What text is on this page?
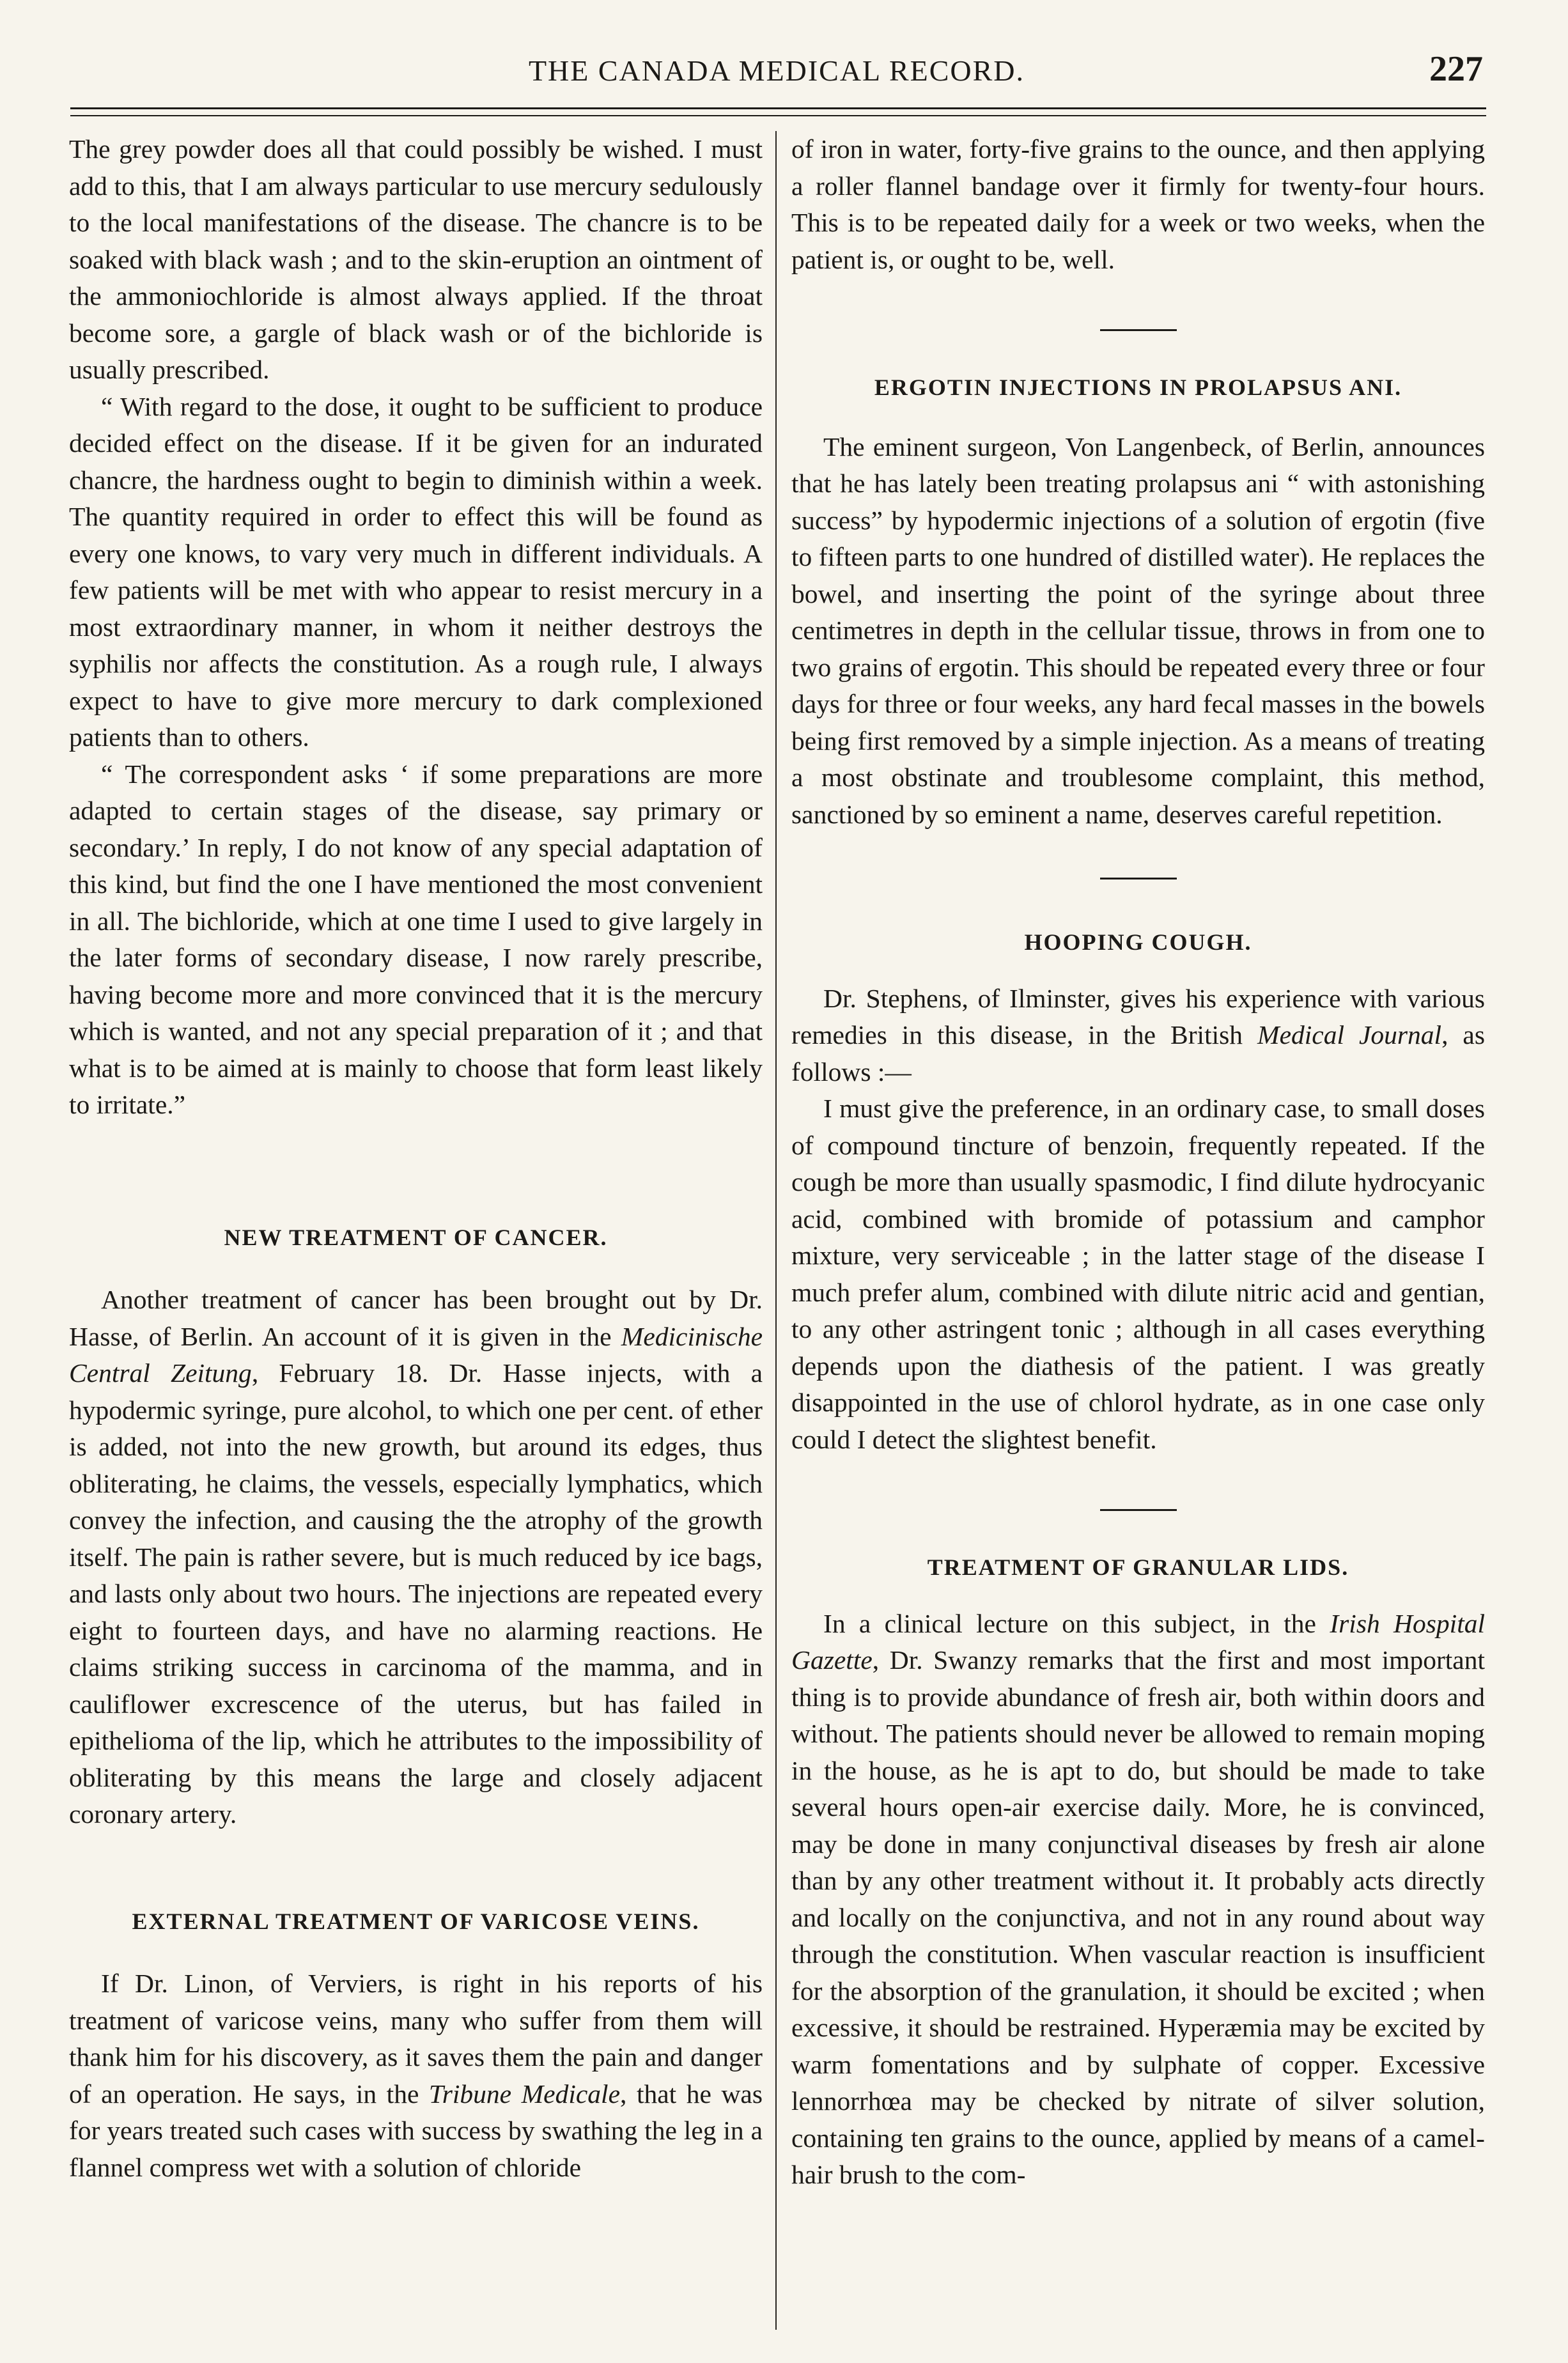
THE CANADA MEDICAL RECORD.	227

The grey powder does all that could possibly be wished. I must add to this, that I am always particular to use mercury sedulously to the local manifestations of the disease. The chancre is to be soaked with black wash ; and to the skin-eruption an ointment of the ammoniochloride is almost always applied. If the throat become sore, a gargle of black wash or of the bichloride is usually prescribed.

“ With regard to the dose, it ought to be sufficient to produce decided effect on the disease. If it be given for an indurated chancre, the hardness ought to begin to diminish within a week. The quantity required in order to effect this will be found as every one knows, to vary very much in different individuals. A few patients will be met with who appear to resist mercury in a most extraordinary manner, in whom it neither destroys the syphilis nor affects the constitution. As a rough rule, I always expect to have to give more mercury to dark complexioned patients than to others.

“ The correspondent asks ‘ if some preparations are more adapted to certain stages of the disease, say primary or secondary.’ In reply, I do not know of any special adaptation of this kind, but find the one I have mentioned the most convenient in all. The bichloride, which at one time I used to give largely in the later forms of secondary disease, I now rarely prescribe, having become more and more convinced that it is the mercury which is wanted, and not any special preparation of it ; and that what is to be aimed at is mainly to choose that form least likely to irritate.”

NEW TREATMENT OF CANCER.

Another treatment of cancer has been brought out by Dr. Hasse, of Berlin. An account of it is given in the Medicinische Central Zeitung, February 18. Dr. Hasse injects, with a hypodermic syringe, pure alcohol, to which one per cent. of ether is added, not into the new growth, but around its edges, thus obliterating, he claims, the vessels, especially lymphatics, which convey the infection, and causing the the atrophy of the growth itself. The pain is rather severe, but is much reduced by ice bags, and lasts only about two hours. The injections are repeated every eight to fourteen days, and have no alarming reactions. He claims striking success in carcinoma of the mamma, and in cauliflower excrescence of the uterus, but has failed in epithelioma of the lip, which he attributes to the impossibility of obliterating by this means the large and closely adjacent coronary artery.

EXTERNAL TREATMENT OF VARICOSE VEINS.

If Dr. Linon, of Verviers, is right in his reports of his treatment of varicose veins, many who suffer from them will thank him for his discovery, as it saves them the pain and danger of an operation. He says, in the Tribune Medicale, that he was for years treated such cases with success by swathing the leg in a flannel compress wet with a solution of chloride

of iron in water, forty-five grains to the ounce, and then applying a roller flannel bandage over it firmly for twenty-four hours. This is to be repeated daily for a week or two weeks, when the patient is, or ought to be, well.

ERGOTIN INJECTIONS IN PROLAPSUS ANI.

The eminent surgeon, Von Langenbeck, of Berlin, announces that he has lately been treating prolapsus ani “ with astonishing success” by hypodermic injections of a solution of ergotin (five to fifteen parts to one hundred of distilled water). He replaces the bowel, and inserting the point of the syringe about three centimetres in depth in the cellular tissue, throws in from one to two grains of ergotin. This should be repeated every three or four days for three or four weeks, any hard fecal masses in the bowels being first removed by a simple injection. As a means of treating a most obstinate and troublesome complaint, this method, sanctioned by so eminent a name, deserves careful repetition.

HOOPING COUGH.

Dr. Stephens, of Ilminster, gives his experience with various remedies in this disease, in the British Medical Journal, as follows :—

I must give the preference, in an ordinary case, to small doses of compound tincture of benzoin, frequently repeated. If the cough be more than usually spasmodic, I find dilute hydrocyanic acid, combined with bromide of potassium and camphor mixture, very serviceable ; in the latter stage of the disease I much prefer alum, combined with dilute nitric acid and gentian, to any other astringent tonic ; although in all cases everything depends upon the diathesis of the patient. I was greatly disappointed in the use of chlorol hydrate, as in one case only could I detect the slightest benefit.

TREATMENT OF GRANULAR LIDS.

In a clinical lecture on this subject, in the Irish Hospital Gazette, Dr. Swanzy remarks that the first and most important thing is to provide abundance of fresh air, both within doors and without. The patients should never be allowed to remain moping in the house, as he is apt to do, but should be made to take several hours open-air exercise daily. More, he is convinced, may be done in many conjunctival diseases by fresh air alone than by any other treatment without it. It probably acts directly and locally on the conjunctiva, and not in any round about way through the constitution. When vascular reaction is insufficient for the absorption of the granulation, it should be excited ; when excessive, it should be restrained. Hyperæmia may be excited by warm fomentations and by sulphate of copper. Excessive lennorrhœa may be checked by nitrate of silver solution, containing ten grains to the ounce, applied by means of a camel-hair brush to the com-
